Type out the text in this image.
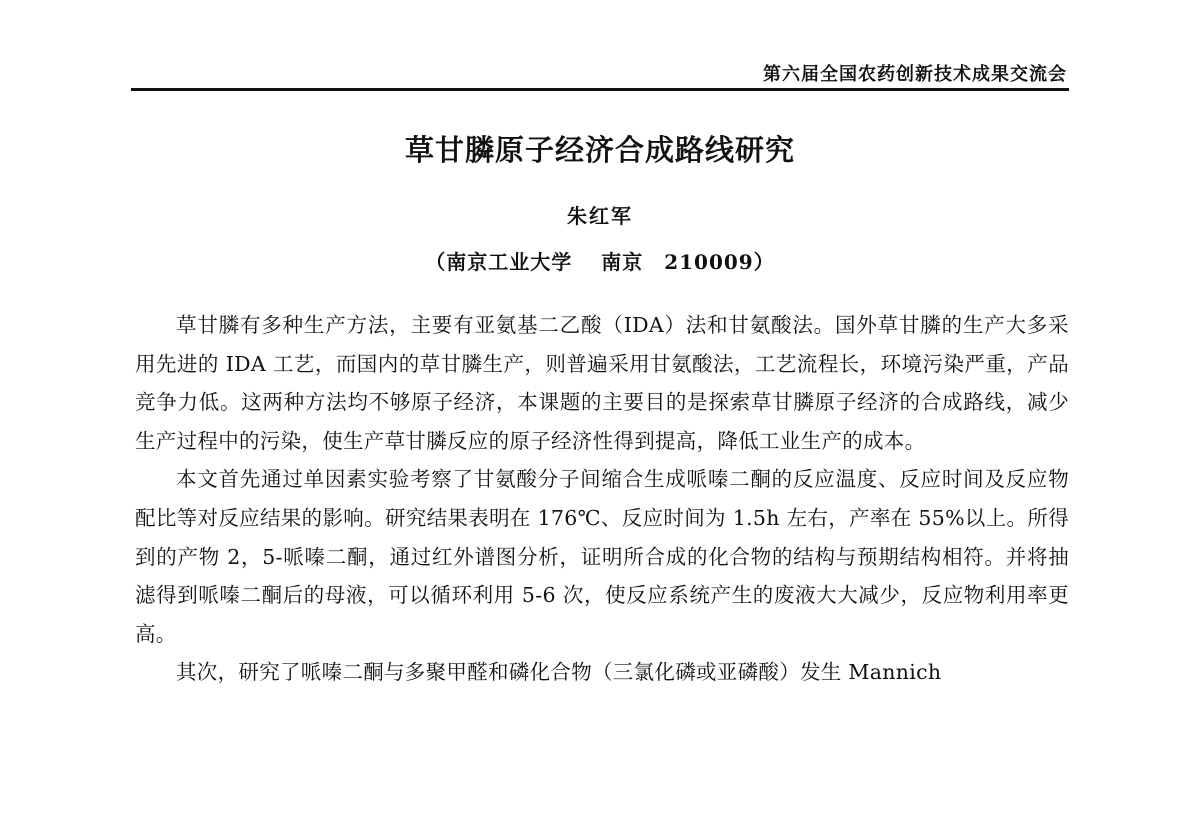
第六届全国农药创新技术成果交流会
草甘膦原子经济合成路线研究
朱红军
（南京工业大学　 南京　210009）

草甘膦有多种生产方法，主要有亚氨基二乙酸（IDA）法和甘氨酸法。国外草甘膦的生产大多采用先进的 IDA 工艺，而国内的草甘膦生产，则普遍采用甘氨酸法，工艺流程长，环境污染严重，产品竞争力低。这两种方法均不够原子经济，本课题的主要目的是探索草甘膦原子经济的合成路线，减少生产过程中的污染，使生产草甘膦反应的原子经济性得到提高，降低工业生产的成本。

本文首先通过单因素实验考察了甘氨酸分子间缩合生成哌嗪二酮的反应温度、反应时间及反应物配比等对反应结果的影响。研究结果表明在 176℃、反应时间为 1.5h 左右，产率在 55%以上。所得到的产物 2，5-哌嗪二酮，通过红外谱图分析，证明所合成的化合物的结构与预期结构相符。并将抽滤得到哌嗪二酮后的母液，可以循环利用 5-6 次，使反应系统产生的废液大大减少，反应物利用率更高。

其次，研究了哌嗪二酮与多聚甲醛和磷化合物（三氯化磷或亚磷酸）发生 Mannich
